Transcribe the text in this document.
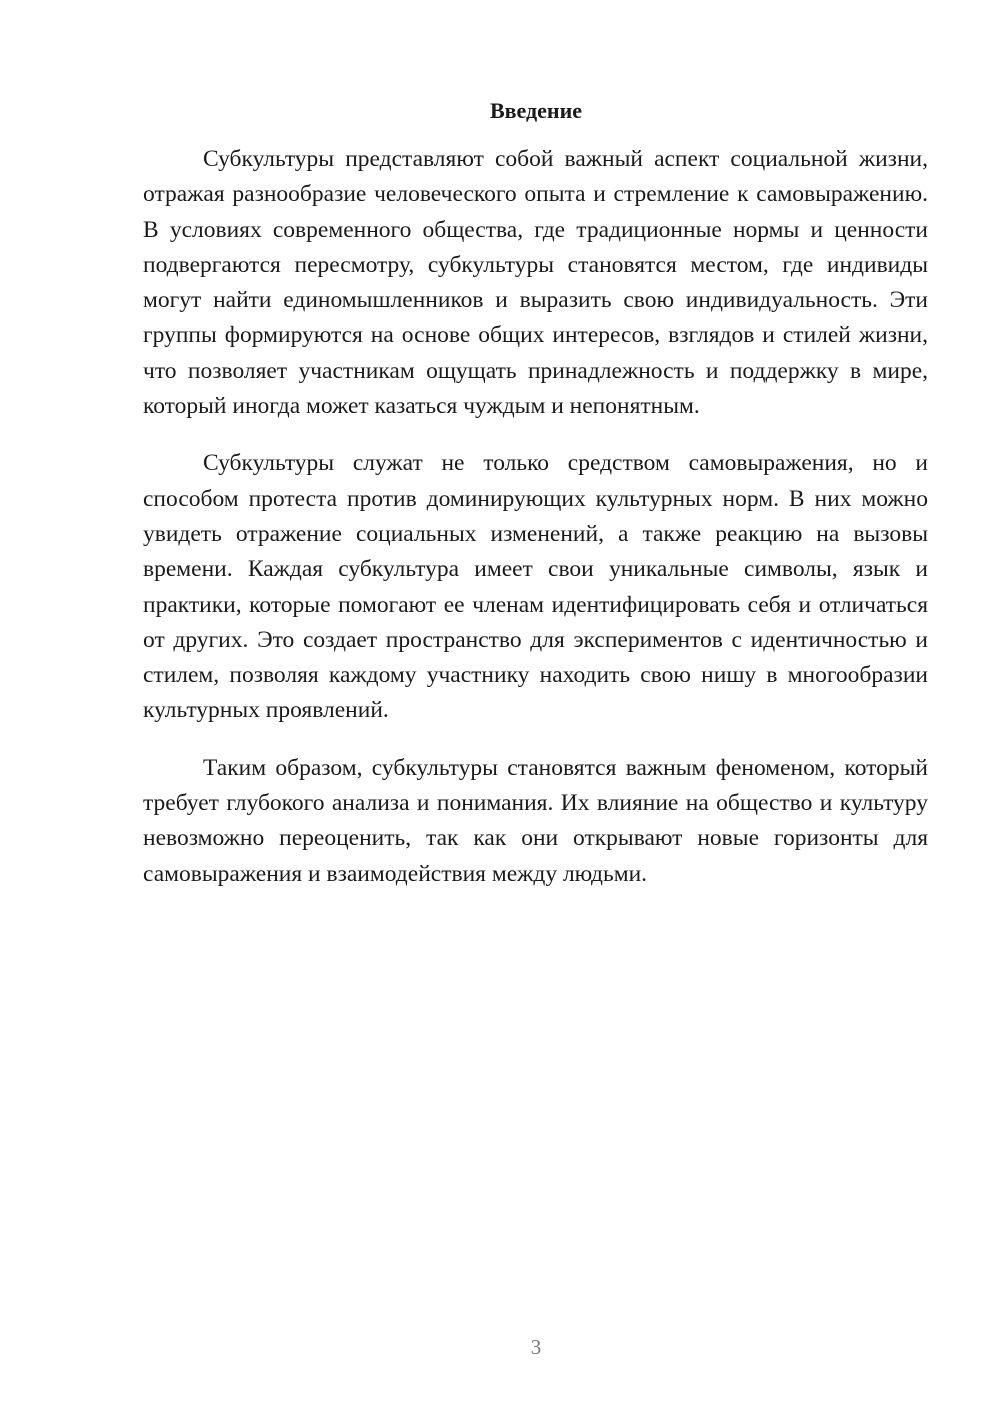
Введение

Субкультуры представляют собой важный аспект социальной жизни, отражая разнообразие человеческого опыта и стремление к самовыражению. В условиях современного общества, где традиционные нормы и ценности подвергаются пересмотру, субкультуры становятся местом, где индивиды могут найти единомышленников и выразить свою индивидуальность. Эти группы формируются на основе общих интересов, взглядов и стилей жизни, что позволяет участникам ощущать принадлежность и поддержку в мире, который иногда может казаться чуждым и непонятным.

Субкультуры служат не только средством самовыражения, но и способом протеста против доминирующих культурных норм. В них можно увидеть отражение социальных изменений, а также реакцию на вызовы времени. Каждая субкультура имеет свои уникальные символы, язык и практики, которые помогают ее членам идентифицировать себя и отличаться от других. Это создает пространство для экспериментов с идентичностью и стилем, позволяя каждому участнику находить свою нишу в многообразии культурных проявлений.

Таким образом, субкультуры становятся важным феноменом, который требует глубокого анализа и понимания. Их влияние на общество и культуру невозможно переоценить, так как они открывают новые горизонты для самовыражения и взаимодействия между людьми.

3
